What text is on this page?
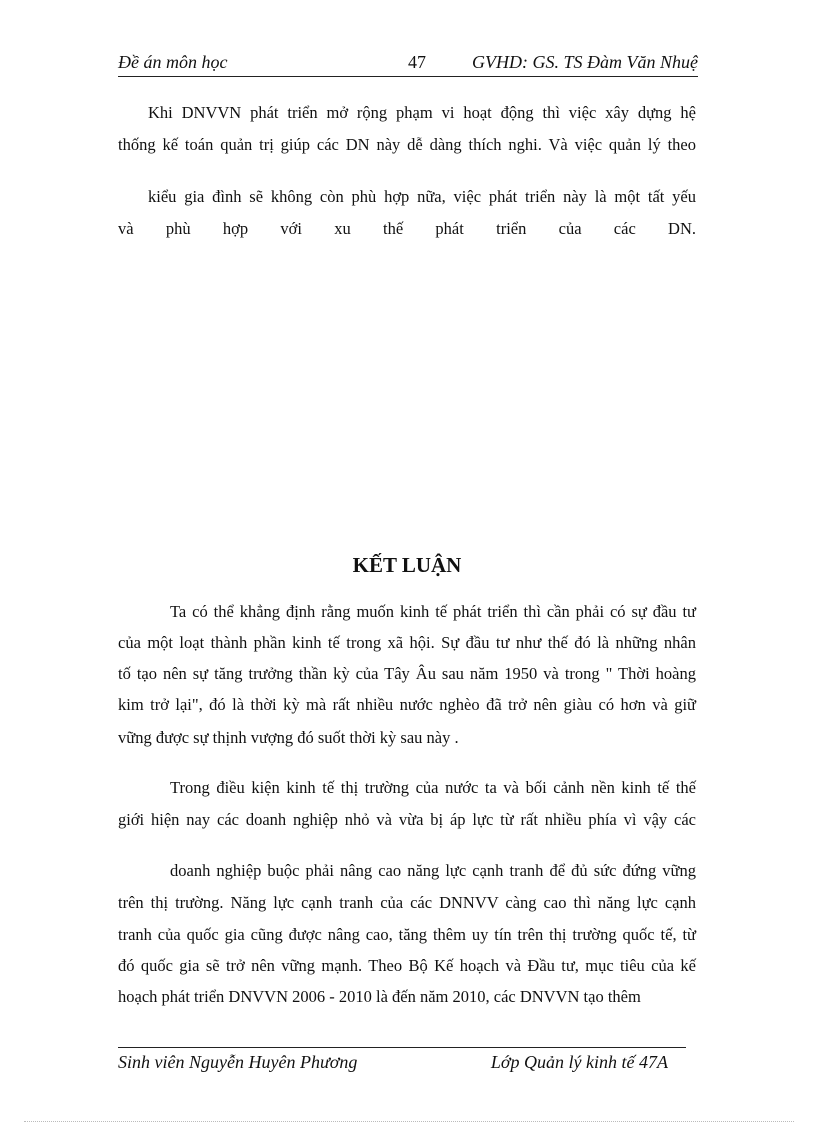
Đề án môn học	47	GVHD: GS. TS Đàm Văn Nhuệ
Khi DNVVN phát triển mở rộng phạm vi hoạt động thì việc xây dựng hệ
thống kế toán quản trị giúp các DN này dễ dàng thích nghi. Và việc quản lý theo
kiểu gia đình sẽ không còn phù hợp nữa, việc phát triển này là một tất yếu
và phù hợp với xu thế phát triển của các DN.
KẾT LUẬN
Ta có thể khẳng định rằng muốn kinh tế phát triển thì cần phải có sự đầu tư
của một loạt thành phần kinh tế trong xã hội. Sự đầu tư như thế đó là những nhân
tố tạo nên sự tăng trưởng thần kỳ của Tây Âu sau năm 1950 và trong " Thời hoàng
kim trở lại", đó là thời kỳ mà rất nhiều nước nghèo đã trở nên giàu có hơn và giữ
vững được sự thịnh vượng đó suốt thời kỳ sau này .
Trong điều kiện kinh tế thị trường của nước ta và bối cảnh nền kinh tế thế
giới hiện nay các doanh nghiệp nhỏ và vừa bị áp lực từ rất nhiều phía vì vậy các
doanh nghiệp buộc phải nâng cao năng lực cạnh tranh để đủ sức đứng vững
trên thị trường. Năng lực cạnh tranh của các DNNVV càng cao thì năng lực cạnh
tranh của quốc gia cũng được nâng cao, tăng thêm uy tín trên thị trường quốc tế, từ
đó quốc gia sẽ trở nên vững mạnh. Theo Bộ Kế hoạch và Đầu tư, mục tiêu của kế
hoạch phát triển DNVVN 2006 - 2010 là đến năm 2010, các DNVVN tạo thêm
Sinh viên Nguyễn Huyên Phương	Lớp Quản lý kinh tế 47A
